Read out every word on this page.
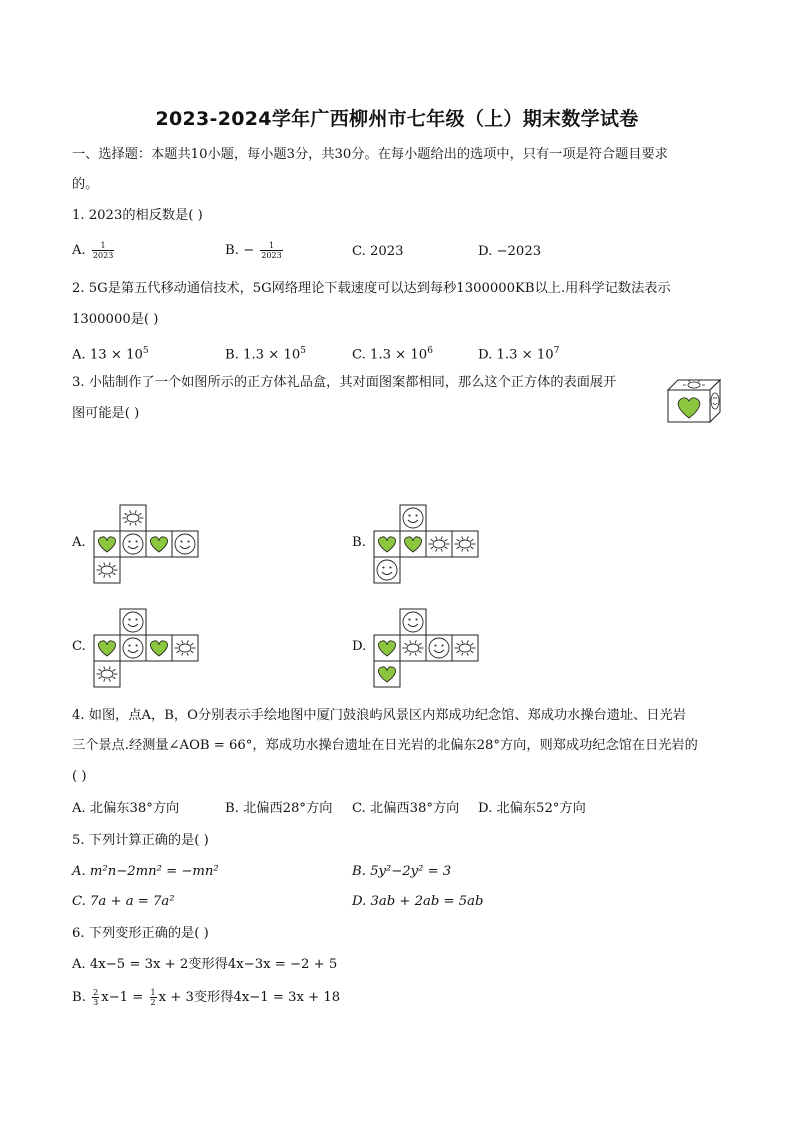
2023-2024学年广西柳州市七年级（上）期末数学试卷
一、选择题：本题共10小题，每小题3分，共30分。在每小题给出的选项中，只有一项是符合题目要求
的。
1. 2023的相反数是( )
A. $\frac{1}{2023}$	B. − $\frac{1}{2023}$	C. 2023	D. −2023
2. 5G是第五代移动通信技术，5G网络理论下载速度可以达到每秒1300000KB以上.用科学记数法表示
1300000是( )
A. $13 \times 10^5$	B. $1.3 \times 10^5$	C. $1.3 \times 10^6$	D. $1.3 \times 10^7$
3. 小陆制作了一个如图所示的正方体礼品盒，其对面图案都相同，那么这个正方体的表面展开
图可能是( )
A.	B.
C.	D.
4. 如图，点A，B，O分别表示手绘地图中厦门鼓浪屿风景区内郑成功纪念馆、郑成功水操台遗址、日光岩
三个景点.经测量∠AOB = 66°，郑成功水操台遗址在日光岩的北偏东28°方向，则郑成功纪念馆在日光岩的
( )
A. 北偏东38°方向	B. 北偏西28°方向 C. 北偏西38°方向 D. 北偏东52°方向
5. 下列计算正确的是( )
A. m²n−2mn² = −mn²	B. 5y²−2y² = 3
C. 7a + a = 7a²	D. 3ab + 2ab = 5ab
6. 下列变形正确的是( )
A. 4x−5 = 3x + 2变形得4x−3x = −2 + 5
B. $\frac{2}{3} x-1 = \frac{1}{2}$ x + 3变形得4x−1 = 3x + 18
